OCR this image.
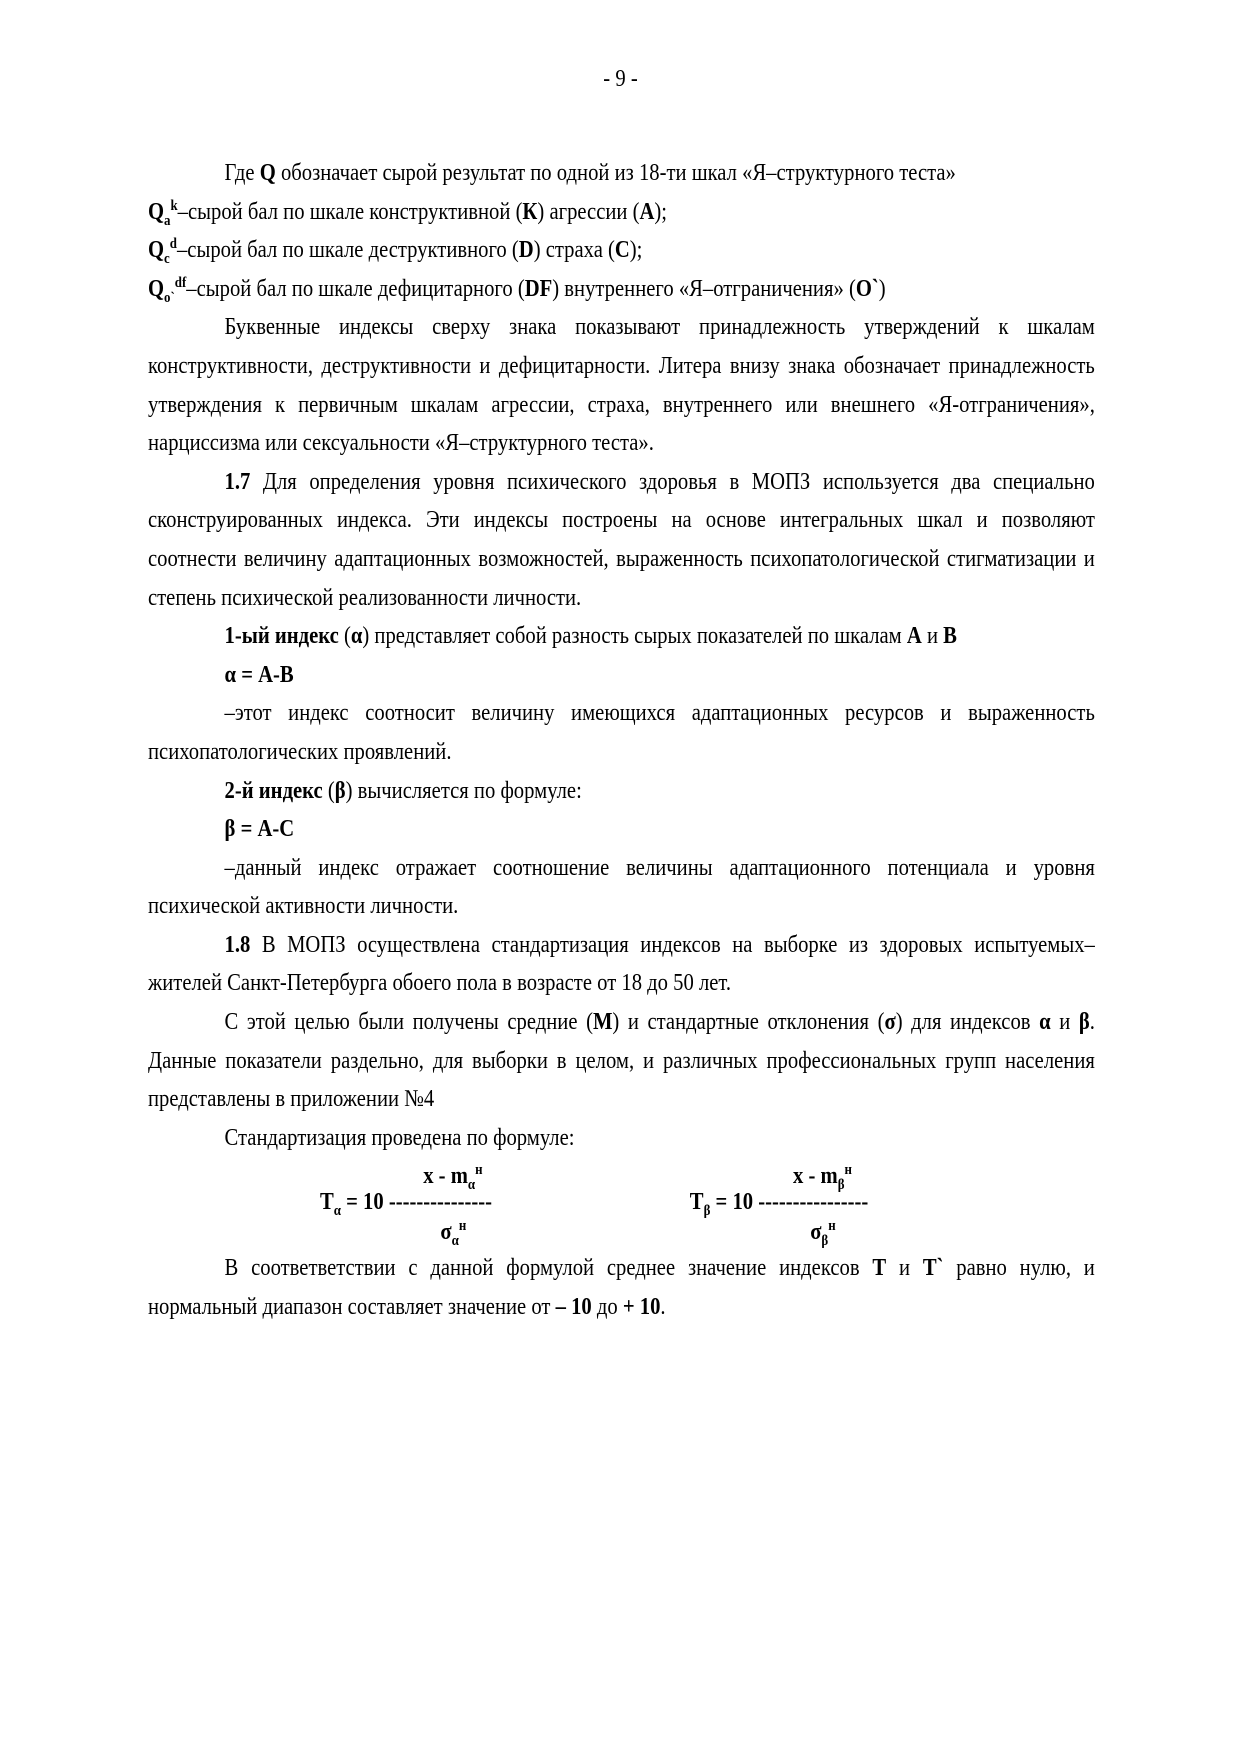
- 9 -

Где Q обозначает сырой результат по одной из 18-ти шкал «Я–структурного теста»

$Q_a^k$–сырой бал по шкале конструктивной (К) агрессии (А);

$Q_c^d$–сырой бал по шкале деструктивного (D) страха (С);

$Q_{o`}^{df}$–сырой бал по шкале дефицитарного (DF) внутреннего «Я–отграничения» (О`)

Буквенные индексы сверху знака показывают принадлежность утверждений к шкалам конструктивности, деструктивности и дефицитарности. Литера внизу знака обозначает принадлежность утверждения к первичным шкалам агрессии, страха, внутреннего или внешнего «Я-отграничения», нарциссизма или сексуальности «Я–структурного теста».

1.7 Для определения уровня психического здоровья в МОПЗ используется два специально сконструированных индекса. Эти индексы построены на основе интегральных шкал и позволяют соотнести величину адаптационных возможностей, выраженность психопатологической стигматизации и степень психической реализованности личности.

1-ый индекс (α) представляет собой разность сырых показателей по шкалам А и В

α = А-В

–этот индекс соотносит величину имеющихся адаптационных ресурсов и выраженность психопатологических проявлений.

2-й индекс (β) вычисляется по формуле:

β = А-С

–данный индекс отражает соотношение величины адаптационного потенциала и уровня психической активности личности.

1.8 В МОПЗ осуществлена стандартизация индексов на выборке из здоровых испытуемых–жителей Санкт-Петербурга обоего пола в возрасте от 18 до 50 лет.

С этой целью были получены средние (М) и стандартные отклонения (σ) для индексов α и β. Данные показатели раздельно, для выборки в целом, и различных профессиональных групп населения представлены в приложении №4

Стандартизация проведена по формуле:

x - $m_\alpha^н$
$T_\alpha = 10$ ---------------
$\sigma_\alpha^н$
x - $m_\beta^н$
$T_\beta = 10$ ----------------
$\sigma_\beta^н$

В соответветствии с данной формулой среднее значение индексов Т и Т` равно нулю, и нормальный диапазон составляет значение от – 10 до + 10.
